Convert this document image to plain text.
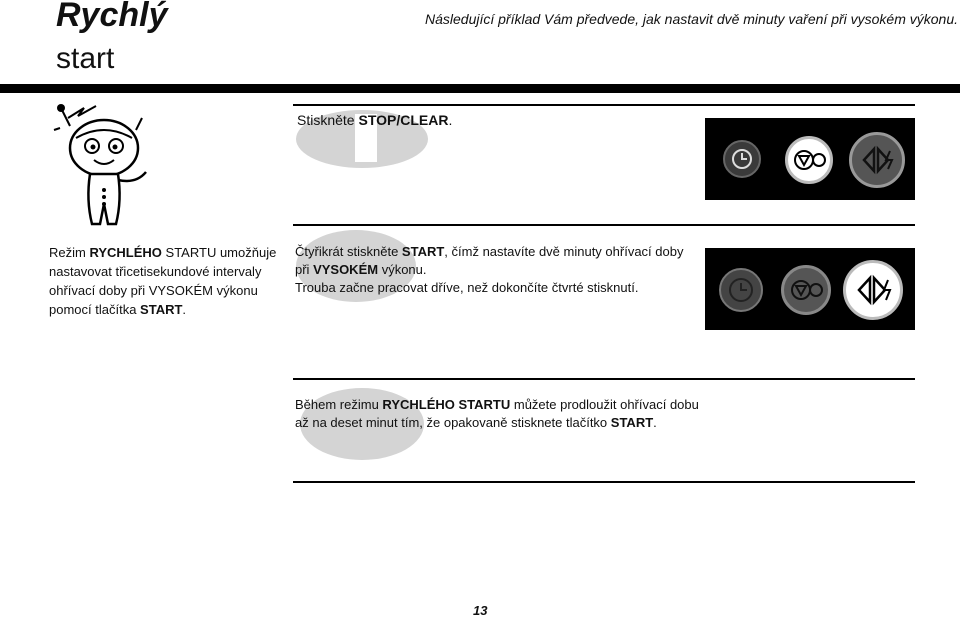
Rychlý
start
Následující příklad Vám předvede, jak nastavit dvě minuty vaření při vysokém výkonu.
Režim RYCHLÉHO STARTU umožňuje nastavovat třicetisekundové intervaly ohřívací doby při VYSOKÉM výkonu pomocí tlačítka START.
Stiskněte STOP/CLEAR.
Čtyřikrát stiskněte START, čímž nastavíte dvě minuty ohřívací doby při VYSOKÉM výkonu.
Trouba začne pracovat dříve, než dokončíte čtvrté stisknutí.
Během režimu RYCHLÉHO STARTU můžete prodloužit ohřívací dobu až na deset minut tím, že opakovaně stisknete tlačítko START.
13
